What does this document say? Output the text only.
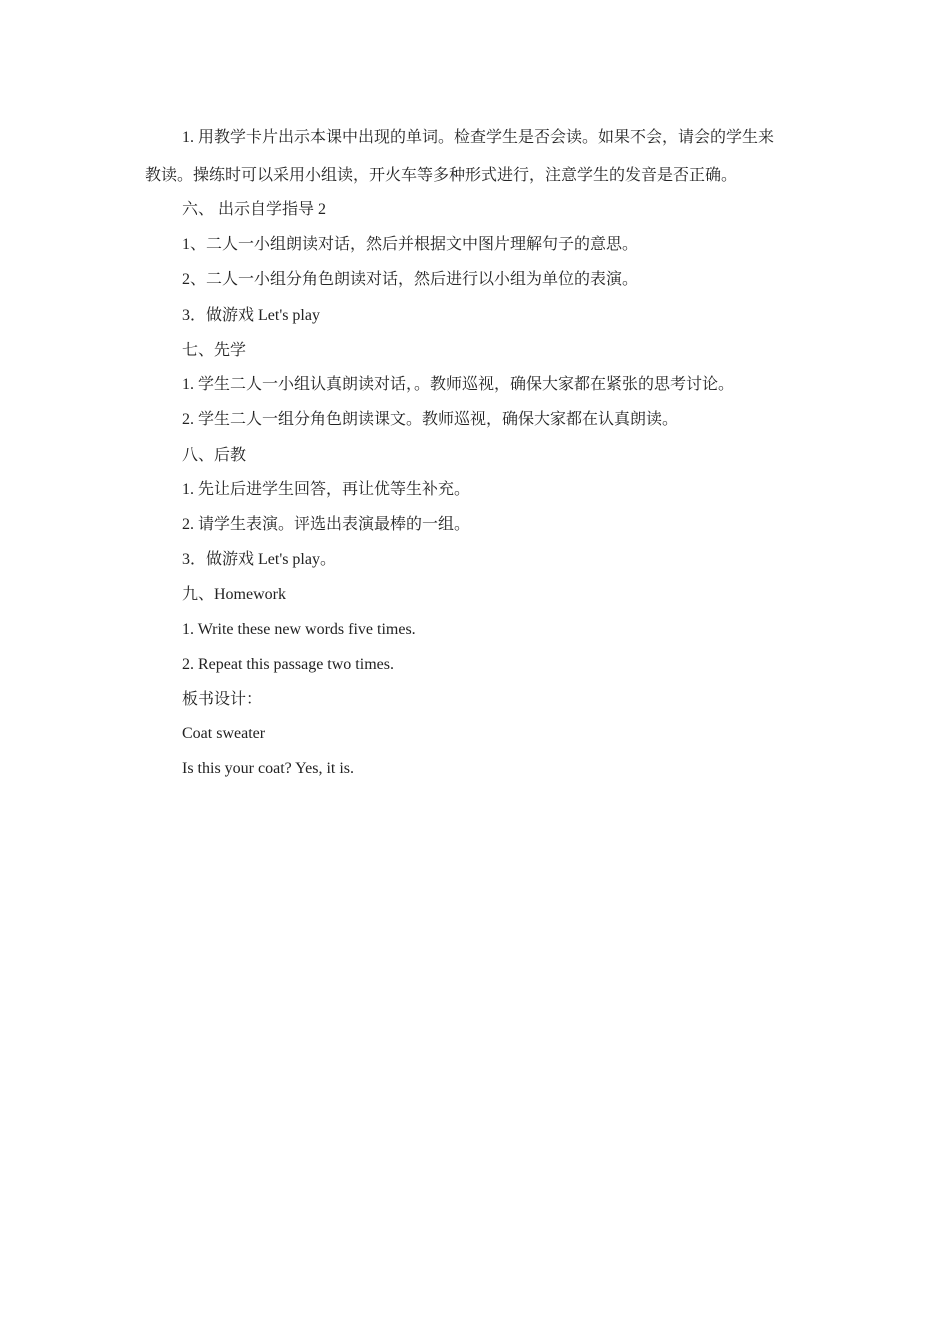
1. 用教学卡片出示本课中出现的单词。检查学生是否会读。如果不会，请会的学生来
教读。操练时可以采用小组读，开火车等多种形式进行，注意学生的发音是否正确。
六、 出示自学指导 2
1、二人一小组朗读对话，然后并根据文中图片理解句子的意思。
2、二人一小组分角色朗读对话，然后进行以小组为单位的表演。
3．做游戏 Let's play
七、先学
1. 学生二人一小组认真朗读对话，。教师巡视，确保大家都在紧张的思考讨论。
2. 学生二人一组分角色朗读课文。教师巡视，确保大家都在认真朗读。
八、后教
1. 先让后进学生回答，再让优等生补充。
2. 请学生表演。评选出表演最棒的一组。
3．做游戏 Let's play。
九、Homework
1. Write these new words five times.
2. Repeat this passage two times.
板书设计：
Coat sweater
Is this your coat? Yes, it is.
